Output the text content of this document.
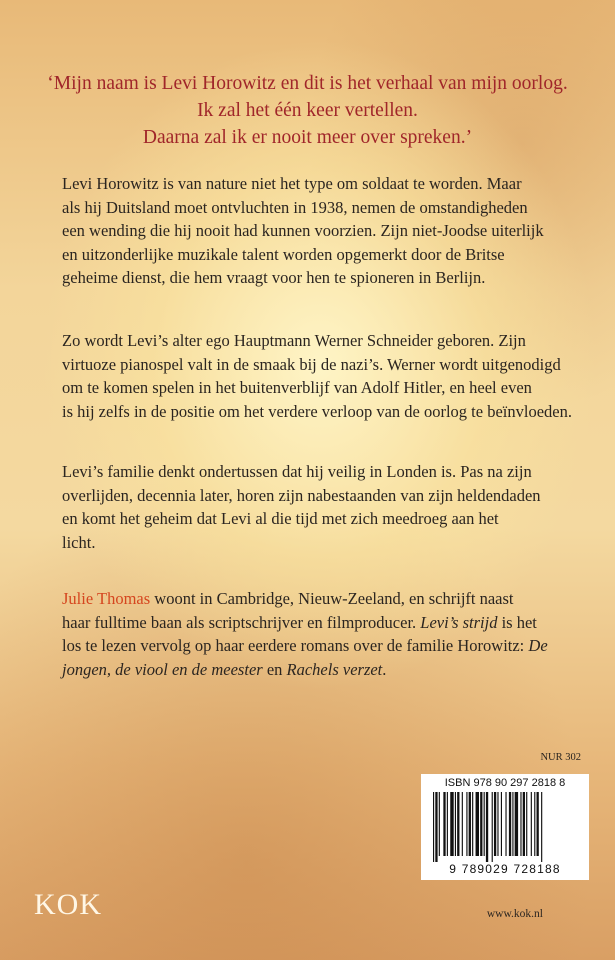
‘Mijn naam is Levi Horowitz en dit is het verhaal van mijn oorlog.
Ik zal het één keer vertellen.
Daarna zal ik er nooit meer over spreken.’
Levi Horowitz is van nature niet het type om soldaat te worden. Maar
als hij Duitsland moet ontvluchten in 1938, nemen de omstandigheden
een wending die hij nooit had kunnen voorzien. Zijn niet-Joodse uiterlijk
en uitzonderlijke muzikale talent worden opgemerkt door de Britse
geheime dienst, die hem vraagt voor hen te spioneren in Berlijn.
Zo wordt Levi’s alter ego Hauptmann Werner Schneider geboren. Zijn
virtuoze pianospel valt in de smaak bij de nazi’s. Werner wordt uitgenodigd
om te komen spelen in het buitenverblijf van Adolf Hitler, en heel even
is hij zelfs in de positie om het verdere verloop van de oorlog te beïnvloeden.
Levi’s familie denkt ondertussen dat hij veilig in Londen is. Pas na zijn
overlijden, decennia later, horen zijn nabestaanden van zijn heldendaden
en komt het geheim dat Levi al die tijd met zich meedroeg aan het
licht.
Julie Thomas woont in Cambridge, Nieuw-Zeeland, en schrijft naast
haar fulltime baan als scriptschrijver en filmproducer. Levi’s strijd is het
los te lezen vervolg op haar eerdere romans over de familie Horowitz: De
jongen, de viool en de meester en Rachels verzet.
NUR 302
ISBN 978 90 297 2818 8
9 789029 728188
KOK	www.kok.nl
